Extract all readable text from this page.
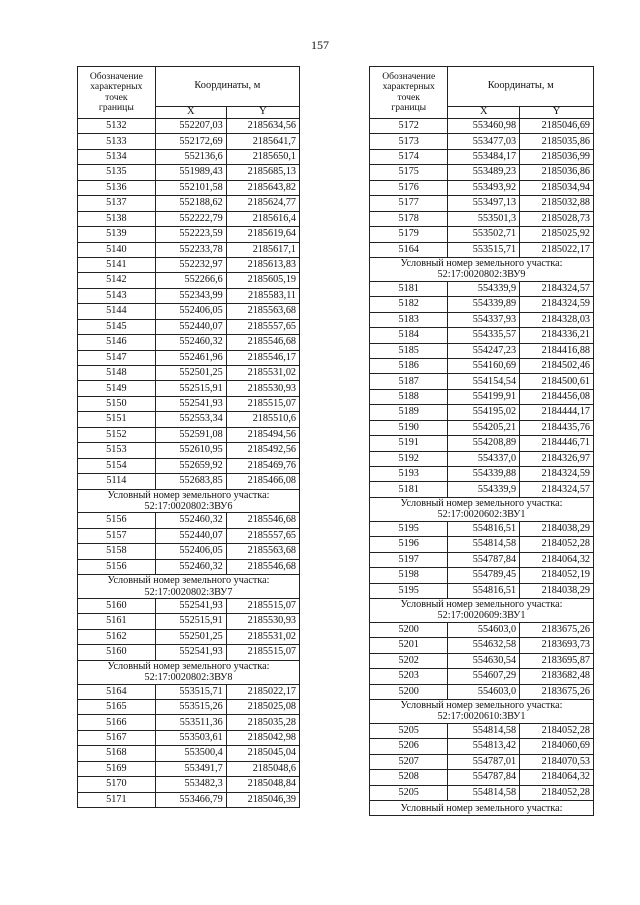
157
Обозначение
характерных
точек
границы	Координаты, м	
	X	Y
5132	552207,03	2185634,56
5133	552172,69	2185641,7
5134	552136,6	2185650,1
5135	551989,43	2185685,13
5136	552101,58	2185643,82
5137	552188,62	2185624,77
5138	552222,79	2185616,4
5139	552223,59	2185619,64
5140	552233,78	2185617,1
5141	552232,97	2185613,83
5142	552266,6	2185605,19
5143	552343,99	2185583,11
5144	552406,05	2185563,68
5145	552440,07	2185557,65
5146	552460,32	2185546,68
5147	552461,96	2185546,17
5148	552501,25	2185531,02
5149	552515,91	2185530,93
5150	552541,93	2185515,07
5151	552553,34	2185510,6
5152	552591,08	2185494,56
5153	552610,95	2185492,56
5154	552659,92	2185469,76
5114	552683,85	2185466,08
Условный номер земельного участка:
52:17:0020802:ЗВУ6		
5156	552460,32	2185546,68
5157	552440,07	2185557,65
5158	552406,05	2185563,68
5156	552460,32	2185546,68
Условный номер земельного участка:
52:17:0020802:ЗВУ7		
5160	552541,93	2185515,07
5161	552515,91	2185530,93
5162	552501,25	2185531,02
5160	552541,93	2185515,07
Условный номер земельного участка:
52:17:0020802:ЗВУ8		
5164	553515,71	2185022,17
5165	553515,26	2185025,08
5166	553511,36	2185035,28
5167	553503,61	2185042,98
5168	553500,4	2185045,04
5169	553491,7	2185048,6
5170	553482,3	2185048,84
5171	553466,79	2185046,39
Обозначение
характерных
точек
границы	Координаты, м	
	X	Y
5172	553460,98	2185046,69
5173	553477,03	2185035,86
5174	553484,17	2185036,99
5175	553489,23	2185036,86
5176	553493,92	2185034,94
5177	553497,13	2185032,88
5178	553501,3	2185028,73
5179	553502,71	2185025,92
5164	553515,71	2185022,17
Условный номер земельного участка:
52:17:0020802:ЗВУ9		
5181	554339,9	2184324,57
5182	554339,89	2184324,59
5183	554337,93	2184328,03
5184	554335,57	2184336,21
5185	554247,23	2184416,88
5186	554160,69	2184502,46
5187	554154,54	2184500,61
5188	554199,91	2184456,08
5189	554195,02	2184444,17
5190	554205,21	2184435,76
5191	554208,89	2184446,71
5192	554337,0	2184326,97
5193	554339,88	2184324,59
5181	554339,9	2184324,57
Условный номер земельного участка:
52:17:0020602:ЗВУ1		
5195	554816,51	2184038,29
5196	554814,58	2184052,28
5197	554787,84	2184064,32
5198	554789,45	2184052,19
5195	554816,51	2184038,29
Условный номер земельного участка:
52:17:0020609:ЗВУ1		
5200	554603,0	2183675,26
5201	554632,58	2183693,73
5202	554630,54	2183695,87
5203	554607,29	2183682,48
5200	554603,0	2183675,26
Условный номер земельного участка:
52:17:0020610:ЗВУ1		
5205	554814,58	2184052,28
5206	554813,42	2184060,69
5207	554787,01	2184070,53
5208	554787,84	2184064,32
5205	554814,58	2184052,28
Условный номер земельного участка:		
